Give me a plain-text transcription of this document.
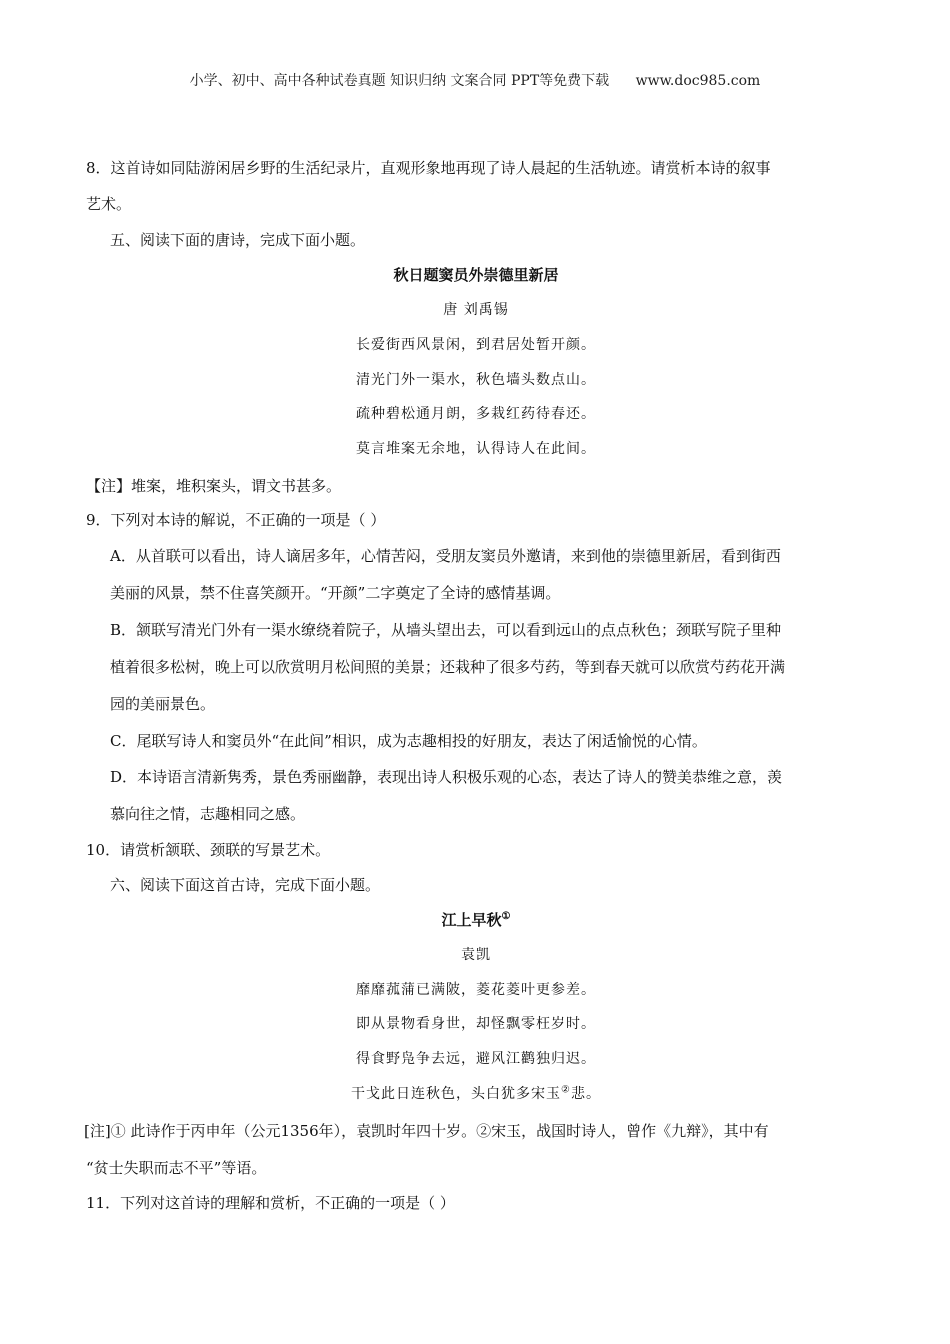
小学、初中、高中各种试卷真题 知识归纳 文案合同 PPT等免费下载 www.doc985.com
8．这首诗如同陆游闲居乡野的生活纪录片，直观形象地再现了诗人晨起的生活轨迹。请赏析本诗的叙事
艺术。
五、阅读下面的唐诗，完成下面小题。
秋日题窦员外崇德里新居
唐 刘禹锡
长爱街西风景闲，到君居处暂开颜。
清光门外一渠水，秋色墙头数点山。
疏种碧松通月朗，多栽红药待春还。
莫言堆案无余地，认得诗人在此间。
【注】堆案，堆积案头，谓文书甚多。
9．下列对本诗的解说，不正确的一项是（ ）
A．从首联可以看出，诗人谪居多年，心情苦闷，受朋友窦员外邀请，来到他的崇德里新居，看到街西
美丽的风景，禁不住喜笑颜开。“开颜”二字奠定了全诗的感情基调。
B．颔联写清光门外有一渠水缭绕着院子，从墙头望出去，可以看到远山的点点秋色；颈联写院子里种
植着很多松树，晚上可以欣赏明月松间照的美景；还栽种了很多芍药，等到春天就可以欣赏芍药花开满
园的美丽景色。
C．尾联写诗人和窦员外“在此间”相识，成为志趣相投的好朋友，表达了闲适愉悦的心情。
D．本诗语言清新隽秀，景色秀丽幽静，表现出诗人积极乐观的心态，表达了诗人的赞美恭维之意，羡
慕向往之情，志趣相同之感。
10．请赏析颔联、颈联的写景艺术。
六、阅读下面这首古诗，完成下面小题。
江上早秋①
袁凯
靡靡菰蒲已满陂，菱花菱叶更参差。
即从景物看身世，却怪飘零枉岁时。
得食野凫争去远，避风江鹳独归迟。
干戈此日连秋色，头白犹多宋玉②悲。
[注]① 此诗作于丙申年（公元1356年），袁凯时年四十岁。②宋玉，战国时诗人，曾作《九辩》，其中有
“贫士失职而志不平”等语。
11．下列对这首诗的理解和赏析，不正确的一项是（ ）
